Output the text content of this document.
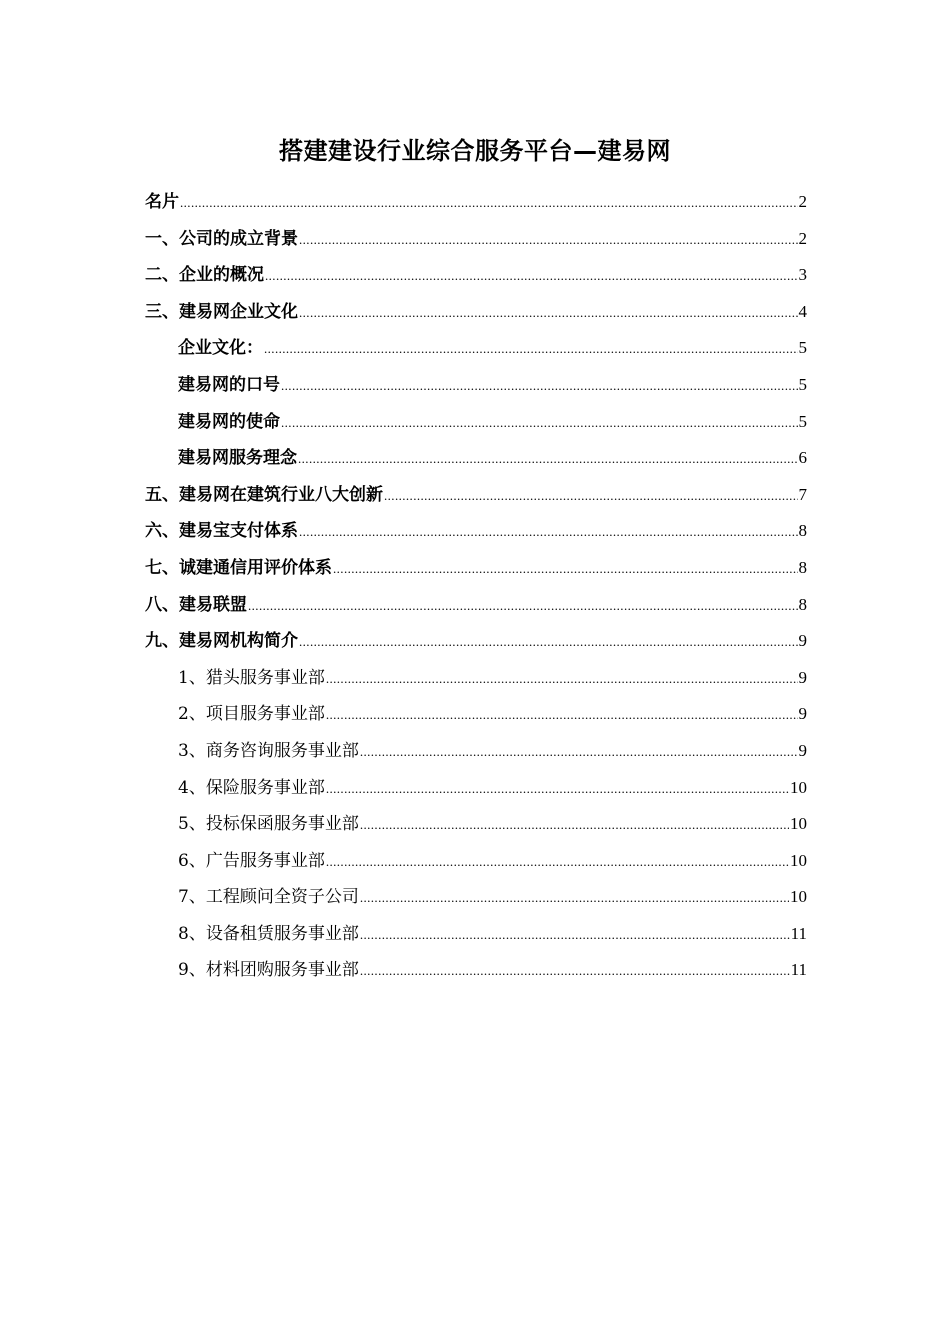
搭建建设行业综合服务平台—建易网
名片 .....	2
一、公司的成立背景 .....	2
二、企业的概况 .....	3
三、建易网企业文化 .....	4
企业文化： .....	5
建易网的口号 .....	5
建易网的使命 .....	5
建易网服务理念 .....	6
五、建易网在建筑行业八大创新 .....	7
六、建易宝支付体系 .....	8
七、诚建通信用评价体系 .....	8
八、建易联盟 .....	8
九、建易网机构简介 .....	9
1、猎头服务事业部 .....	9
2、项目服务事业部 .....	9
3、商务咨询服务事业部 .....	9
4、保险服务事业部 .....	10
5、投标保函服务事业部 .....	10
6、广告服务事业部 .....	10
7、工程顾问全资子公司 .....	10
8、设备租赁服务事业部 .....	11
9、材料团购服务事业部 .....	11
